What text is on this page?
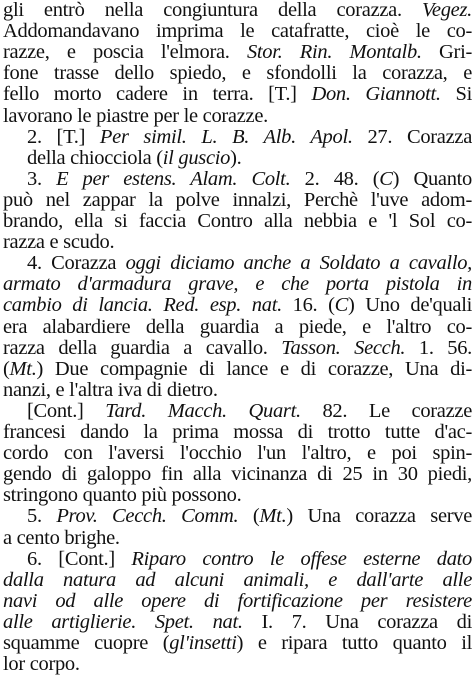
gli entrò nella congiuntura della corazza. Vegez.
Addomandavano imprima le catafratte, cioè le co-
razze, e poscia l'elmora. Stor. Rin. Montalb. Gri-
fone trasse dello spiedo, e sfondolli la corazza, e
fello morto cadere in terra. [T.] Don. Giannott. Si
lavorano le piastre per le corazze.
2. [T.] Per simil. L. B. Alb. Apol. 27. Corazza
della chiocciola (il guscio).
3. E per estens. Alam. Colt. 2. 48. (C) Quanto
può nel zappar la polve innalzi, Perchè l'uve adom-
brando, ella si faccia Contro alla nebbia e 'l Sol co-
razza e scudo.
4. Corazza oggi diciamo anche a Soldato a cavallo,
armato d'armadura grave, e che porta pistola in
cambio di lancia. Red. esp. nat. 16. (C) Uno de'quali
era alabardiere della guardia a piede, e l'altro co-
razza della guardia a cavallo. Tasson. Secch. 1. 56.
(Mt.) Due compagnie di lance e di corazze, Una di-
nanzi, e l'altra iva di dietro.
[Cont.] Tard. Macch. Quart. 82. Le corazze
francesi dando la prima mossa di trotto tutte d'ac-
cordo con l'aversi l'occhio l'un l'altro, e poi spin-
gendo di galoppo fin alla vicinanza di 25 in 30 piedi,
stringono quanto più possono.
5. Prov. Cecch. Comm. (Mt.) Una corazza serve
a cento brighe.
6. [Cont.] Riparo contro le offese esterne dato
dalla natura ad alcuni animali, e dall'arte alle
navi od alle opere di fortificazione per resistere
alle artiglierie. Spet. nat. I. 7. Una corazza di
squamme cuopre (gl'insetti) e ripara tutto quanto il
lor corpo.
